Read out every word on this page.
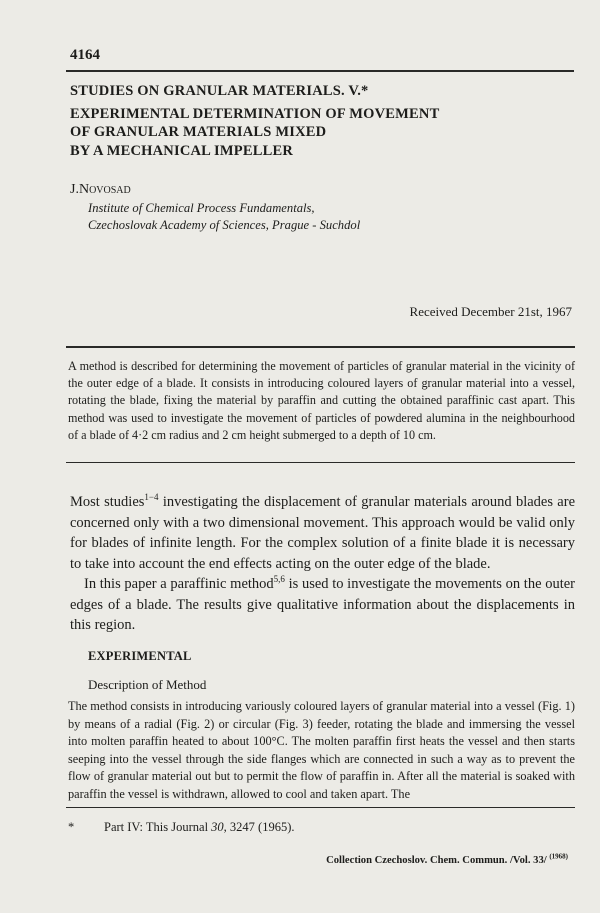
4164
STUDIES ON GRANULAR MATERIALS. V.*
EXPERIMENTAL DETERMINATION OF MOVEMENT
OF GRANULAR MATERIALS MIXED
BY A MECHANICAL IMPELLER
J.Novosad
Institute of Chemical Process Fundamentals,
Czechoslovak Academy of Sciences, Prague - Suchdol
Received December 21st, 1967
A method is described for determining the movement of particles of granular material in the vicinity of the outer edge of a blade. It consists in introducing coloured layers of granular material into a vessel, rotating the blade, fixing the material by paraffin and cutting the obtained paraffinic cast apart. This method was used to investigate the movement of particles of powdered alumina in the neighbourhood of a blade of 4·2 cm radius and 2 cm height submerged to a depth of 10 cm.

Most studies$^{1-4}$ investigating the displacement of granular materials around blades are concerned only with a two dimensional movement. This approach would be valid only for blades of infinite length. For the complex solution of a finite blade it is necessary to take into account the end effects acting on the outer edge of the blade.

In this paper a paraffinic method$^{5,6}$ is used to investigate the movements on the outer edges of a blade. The results give qualitative information about the displacements in this region.

EXPERIMENTAL
Description of Method
The method consists in introducing variously coloured layers of granular material into a vessel (Fig. 1) by means of a radial (Fig. 2) or circular (Fig. 3) feeder, rotating the blade and immersing the vessel into molten paraffin heated to about 100°C. The molten paraffin first heats the vessel and then starts seeping into the vessel through the side flanges which are connected in such a way as to prevent the flow of granular material out but to permit the flow of paraffin in. After all the material is soaked with paraffin the vessel is withdrawn, allowed to cool and taken apart. The
* Part IV: This Journal 30, 3247 (1965).
Collection Czechoslov. Chem. Commun. /Vol. 33/ $^{(1968)}$
